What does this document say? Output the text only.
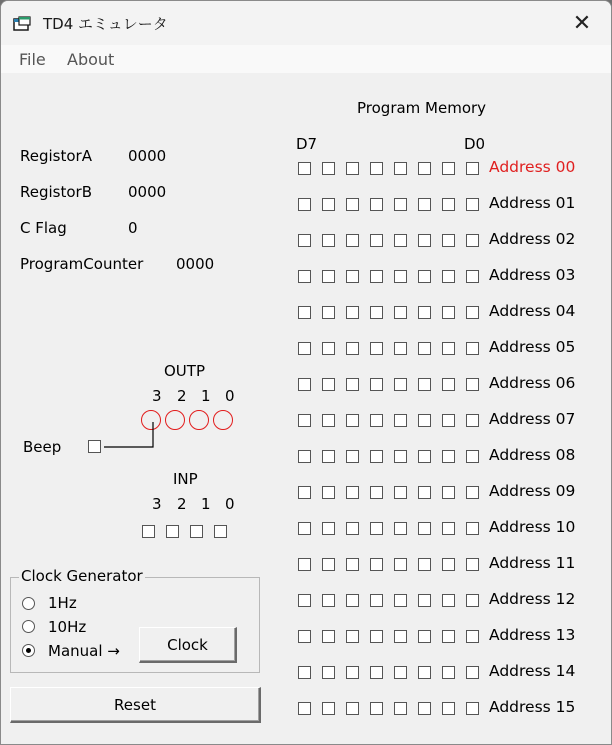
TD4 エミュレータ	✕
File About
RegistorA 0000
RegistorB 0000
C Flag	0
ProgramCounter 0000
OUTP
3 2 1 0
Beep
INP
3 2 1 0
Clock Generator
1Hz
10Hz
Manual →	Clock
Reset
Program Memory
D7	D0
Address 00
Address 01
Address 02
Address 03
Address 04
Address 05
Address 06
Address 07
Address 08
Address 09
Address 10
Address 11
Address 12
Address 13
Address 14
Address 15
